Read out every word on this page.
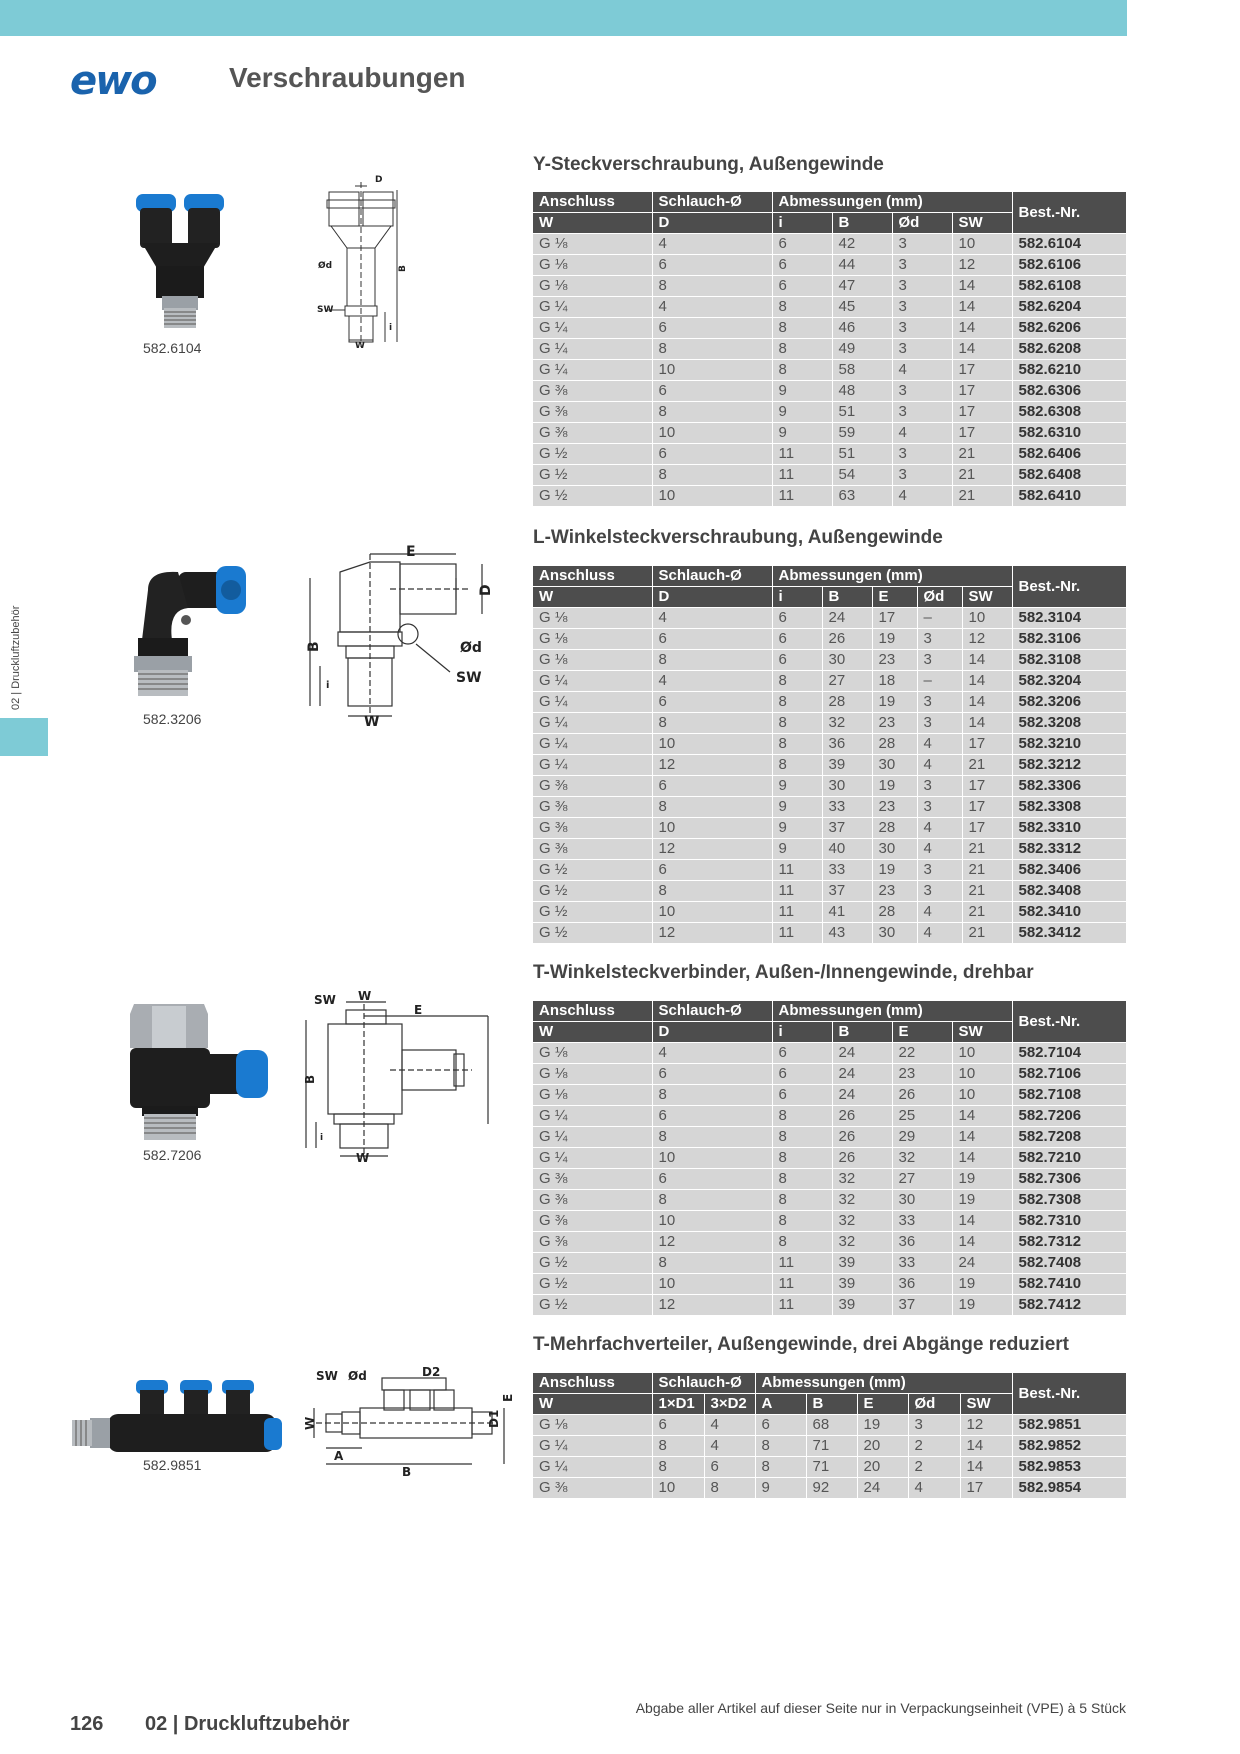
ewo	Verschraubungen
02 | Druckluftzubehör
Y-Steckverschraubung, Außengewinde
Anschluss	Schlauch-Ø	Abmessungen (mm)				Best.-Nr.
W	D	i	B	Ød	SW	
G ⅛	4	6	42	3	10	582.6104
G ⅛	6	6	44	3	12	582.6106
G ⅛	8	6	47	3	14	582.6108
G ¼	4	8	45	3	14	582.6204
G ¼	6	8	46	3	14	582.6206
G ¼	8	8	49	3	14	582.6208
G ¼	10	8	58	4	17	582.6210
G ⅜	6	9	48	3	17	582.6306
G ⅜	8	9	51	3	17	582.6308
G ⅜	10	9	59	4	17	582.6310
G ½	6	11	51	3	21	582.6406
G ½	8	11	54	3	21	582.6408
G ½	10	11	63	4	21	582.6410
582.6104
D
Ød	B
SW
W
i
L-Winkelsteckverschraubung, Außengewinde
Anschluss	Schlauch-Ø	Abmessungen (mm)					Best.-Nr.
W	D	i	B	E	Ød	SW	
G ⅛	4	6	24	17	–	10	582.3104
G ⅛	6	6	26	19	3	12	582.3106
G ⅛	8	6	30	23	3	14	582.3108
G ¼	4	8	27	18	–	14	582.3204
G ¼	6	8	28	19	3	14	582.3206
G ¼	8	8	32	23	3	14	582.3208
G ¼	10	8	36	28	4	17	582.3210
G ¼	12	8	39	30	4	21	582.3212
G ⅜	6	9	30	19	3	17	582.3306
G ⅜	8	9	33	23	3	17	582.3308
G ⅜	10	9	37	28	4	17	582.3310
G ⅜	12	9	40	30	4	21	582.3312
G ½	6	11	33	19	3	21	582.3406
G ½	8	11	37	23	3	21	582.3408
G ½	10	11	41	28	4	21	582.3410
G ½	12	11	43	30	4	21	582.3412
582.3206
E
D
Ød
SW
B
i
W
T-Winkelsteckverbinder, Außen-/Innengewinde, drehbar
Anschluss	Schlauch-Ø	Abmessungen (mm)				Best.-Nr.
W	D	i	B	E	SW	
G ⅛	4	6	24	22	10	582.7104
G ⅛	6	6	24	23	10	582.7106
G ⅛	8	6	24	26	10	582.7108
G ¼	6	8	26	25	14	582.7206
G ¼	8	8	26	29	14	582.7208
G ¼	10	8	26	32	14	582.7210
G ⅜	6	8	32	27	19	582.7306
G ⅜	8	8	32	30	19	582.7308
G ⅜	10	8	32	33	14	582.7310
G ⅜	12	8	32	36	14	582.7312
G ½	8	11	39	33	24	582.7408
G ½	10	11	39	36	19	582.7410
G ½	12	11	39	37	19	582.7412
582.7206
SW W
E
B
i
W
T-Mehrfachverteiler, Außengewinde, drei Abgänge reduziert
Anschluss	Schlauch-Ø		Abmessungen (mm)					Best.-Nr.
W	1×D1	3×D2	A	B	E	Ød	SW	
G ⅛	6	4	6	68	19	3	12	582.9851
G ¼	8	4	8	71	20	2	14	582.9852
G ¼	8	6	8	71	20	2	14	582.9853
G ⅜	10	8	9	92	24	4	17	582.9854
582.9851
SW Ød	D2
W
E
D1
A
B
126 02 | Druckluftzubehör
Abgabe aller Artikel auf dieser Seite nur in Verpackungseinheit (VPE) à 5 Stück
